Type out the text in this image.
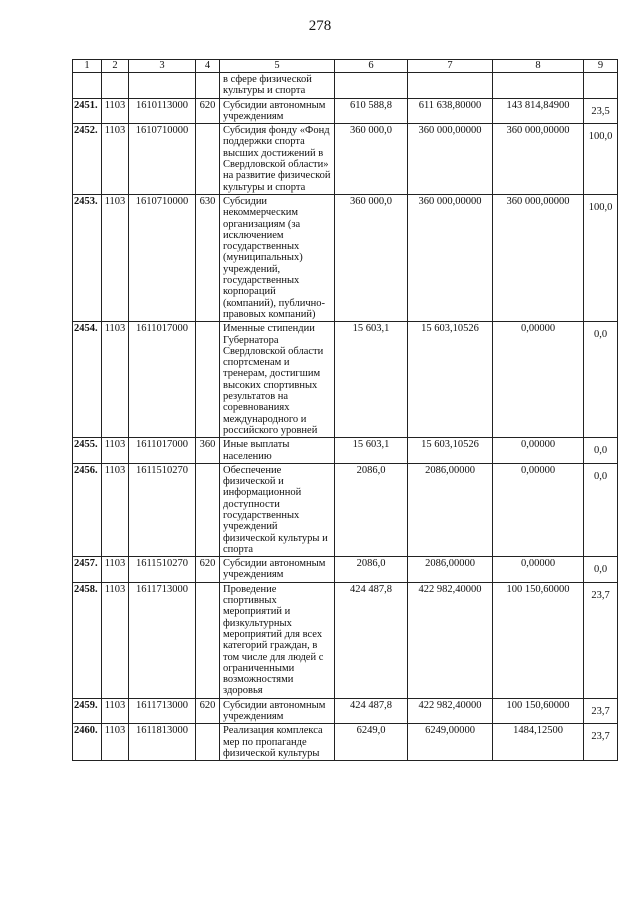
278
1	2	3	4	5	6	7	8	9
				в сфере физической культуры и спорта				
2451.	1103	1610113000	620	Субсидии автономным учреждениям	610 588,8	611 638,80000	143 814,84900	23,5
2452.	1103	1610710000		Субсидия фонду «Фонд поддержки спорта высших достижений в Свердловской области» на развитие физической культуры и спорта	360 000,0	360 000,00000	360 000,00000	100,0
2453.	1103	1610710000	630	Субсидии некоммерческим организациям (за исключением государственных (муниципальных) учреждений, государственных корпораций (компаний), публично-правовых компаний)	360 000,0	360 000,00000	360 000,00000	100,0
2454.	1103	1611017000		Именные стипендии Губернатора Свердловской области спортсменам и тренерам, достигшим высоких спортивных результатов на соревнованиях международного и российского уровней	15 603,1	15 603,10526	0,00000	0,0
2455.	1103	1611017000	360	Иные выплаты населению	15 603,1	15 603,10526	0,00000	0,0
2456.	1103	1611510270		Обеспечение физической и информационной доступности государственных учреждений физической культуры и спорта	2086,0	2086,00000	0,00000	0,0
2457.	1103	1611510270	620	Субсидии автономным учреждениям	2086,0	2086,00000	0,00000	0,0
2458.	1103	1611713000		Проведение спортивных мероприятий и физкультурных мероприятий для всех категорий граждан, в том числе для людей с ограниченными возможностями здоровья	424 487,8	422 982,40000	100 150,60000	23,7
2459.	1103	1611713000	620	Субсидии автономным учреждениям	424 487,8	422 982,40000	100 150,60000	23,7
2460.	1103	1611813000		Реализация комплекса мер по пропаганде физической культуры	6249,0	6249,00000	1484,12500	23,7
